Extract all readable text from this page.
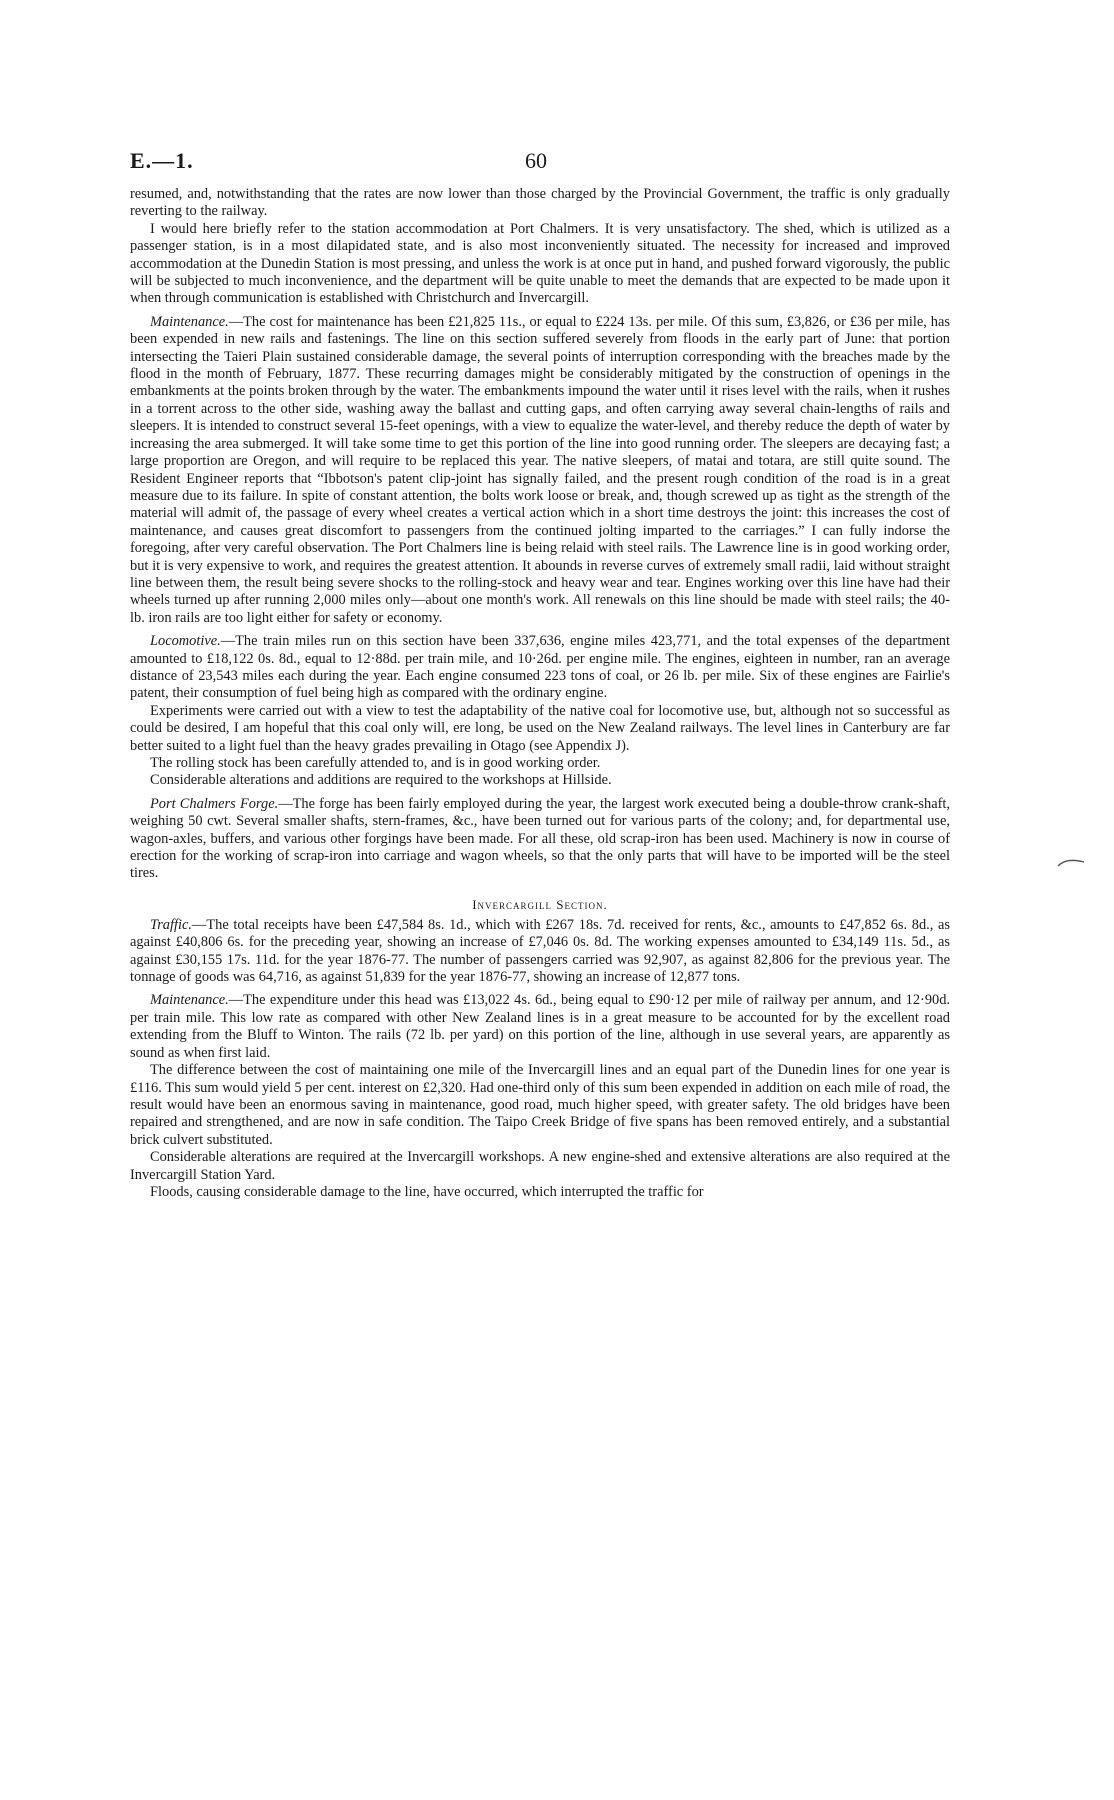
E.—1.	60

resumed, and, notwithstanding that the rates are now lower than those charged by the Provincial Government, the traffic is only gradually reverting to the railway.

I would here briefly refer to the station accommodation at Port Chalmers. It is very unsatisfactory. The shed, which is utilized as a passenger station, is in a most dilapidated state, and is also most inconveniently situated. The necessity for increased and improved accommodation at the Dunedin Station is most pressing, and unless the work is at once put in hand, and pushed forward vigorously, the public will be subjected to much inconvenience, and the department will be quite unable to meet the demands that are expected to be made upon it when through communication is established with Christchurch and Invercargill.

Maintenance.—The cost for maintenance has been £21,825 11s., or equal to £224 13s. per mile. Of this sum, £3,826, or £36 per mile, has been expended in new rails and fastenings. The line on this section suffered severely from floods in the early part of June: that portion intersecting the Taieri Plain sustained considerable damage, the several points of interruption corresponding with the breaches made by the flood in the month of February, 1877. These recurring damages might be considerably mitigated by the construction of openings in the embankments at the points broken through by the water. The embankments impound the water until it rises level with the rails, when it rushes in a torrent across to the other side, washing away the ballast and cutting gaps, and often carrying away several chain-lengths of rails and sleepers. It is intended to construct several 15-feet openings, with a view to equalize the water-level, and thereby reduce the depth of water by increasing the area submerged. It will take some time to get this portion of the line into good running order. The sleepers are decaying fast; a large proportion are Oregon, and will require to be replaced this year. The native sleepers, of matai and totara, are still quite sound. The Resident Engineer reports that “Ibbotson's patent clip-joint has signally failed, and the present rough condition of the road is in a great measure due to its failure. In spite of constant attention, the bolts work loose or break, and, though screwed up as tight as the strength of the material will admit of, the passage of every wheel creates a vertical action which in a short time destroys the joint: this increases the cost of maintenance, and causes great discomfort to passengers from the continued jolting imparted to the carriages.” I can fully indorse the foregoing, after very careful observation. The Port Chalmers line is being relaid with steel rails. The Lawrence line is in good working order, but it is very expensive to work, and requires the greatest attention. It abounds in reverse curves of extremely small radii, laid without straight line between them, the result being severe shocks to the rolling-stock and heavy wear and tear. Engines working over this line have had their wheels turned up after running 2,000 miles only—about one month's work. All renewals on this line should be made with steel rails; the 40-lb. iron rails are too light either for safety or economy.

Locomotive.—The train miles run on this section have been 337,636, engine miles 423,771, and the total expenses of the department amounted to £18,122 0s. 8d., equal to 12·88d. per train mile, and 10·26d. per engine mile. The engines, eighteen in number, ran an average distance of 23,543 miles each during the year. Each engine consumed 223 tons of coal, or 26 lb. per mile. Six of these engines are Fairlie's patent, their consumption of fuel being high as compared with the ordinary engine.

Experiments were carried out with a view to test the adaptability of the native coal for locomotive use, but, although not so successful as could be desired, I am hopeful that this coal only will, ere long, be used on the New Zealand railways. The level lines in Canterbury are far better suited to a light fuel than the heavy grades prevailing in Otago (see Appendix J).

The rolling stock has been carefully attended to, and is in good working order.

Considerable alterations and additions are required to the workshops at Hillside.

Port Chalmers Forge.—The forge has been fairly employed during the year, the largest work executed being a double-throw crank-shaft, weighing 50 cwt. Several smaller shafts, stern-frames, &c., have been turned out for various parts of the colony; and, for departmental use, wagon-axles, buffers, and various other forgings have been made. For all these, old scrap-iron has been used. Machinery is now in course of erection for the working of scrap-iron into carriage and wagon wheels, so that the only parts that will have to be imported will be the steel tires.

Invercargill Section.

Traffic.—The total receipts have been £47,584 8s. 1d., which with £267 18s. 7d. received for rents, &c., amounts to £47,852 6s. 8d., as against £40,806 6s. for the preceding year, showing an increase of £7,046 0s. 8d. The working expenses amounted to £34,149 11s. 5d., as against £30,155 17s. 11d. for the year 1876-77. The number of passengers carried was 92,907, as against 82,806 for the previous year. The tonnage of goods was 64,716, as against 51,839 for the year 1876-77, showing an increase of 12,877 tons.

Maintenance.—The expenditure under this head was £13,022 4s. 6d., being equal to £90·12 per mile of railway per annum, and 12·90d. per train mile. This low rate as compared with other New Zealand lines is in a great measure to be accounted for by the excellent road extending from the Bluff to Winton. The rails (72 lb. per yard) on this portion of the line, although in use several years, are apparently as sound as when first laid.

The difference between the cost of maintaining one mile of the Invercargill lines and an equal part of the Dunedin lines for one year is £116. This sum would yield 5 per cent. interest on £2,320. Had one-third only of this sum been expended in addition on each mile of road, the result would have been an enormous saving in maintenance, good road, much higher speed, with greater safety. The old bridges have been repaired and strengthened, and are now in safe condition. The Taipo Creek Bridge of five spans has been removed entirely, and a substantial brick culvert substituted.

Considerable alterations are required at the Invercargill workshops. A new engine-shed and extensive alterations are also required at the Invercargill Station Yard.

Floods, causing considerable damage to the line, have occurred, which interrupted the traffic for
